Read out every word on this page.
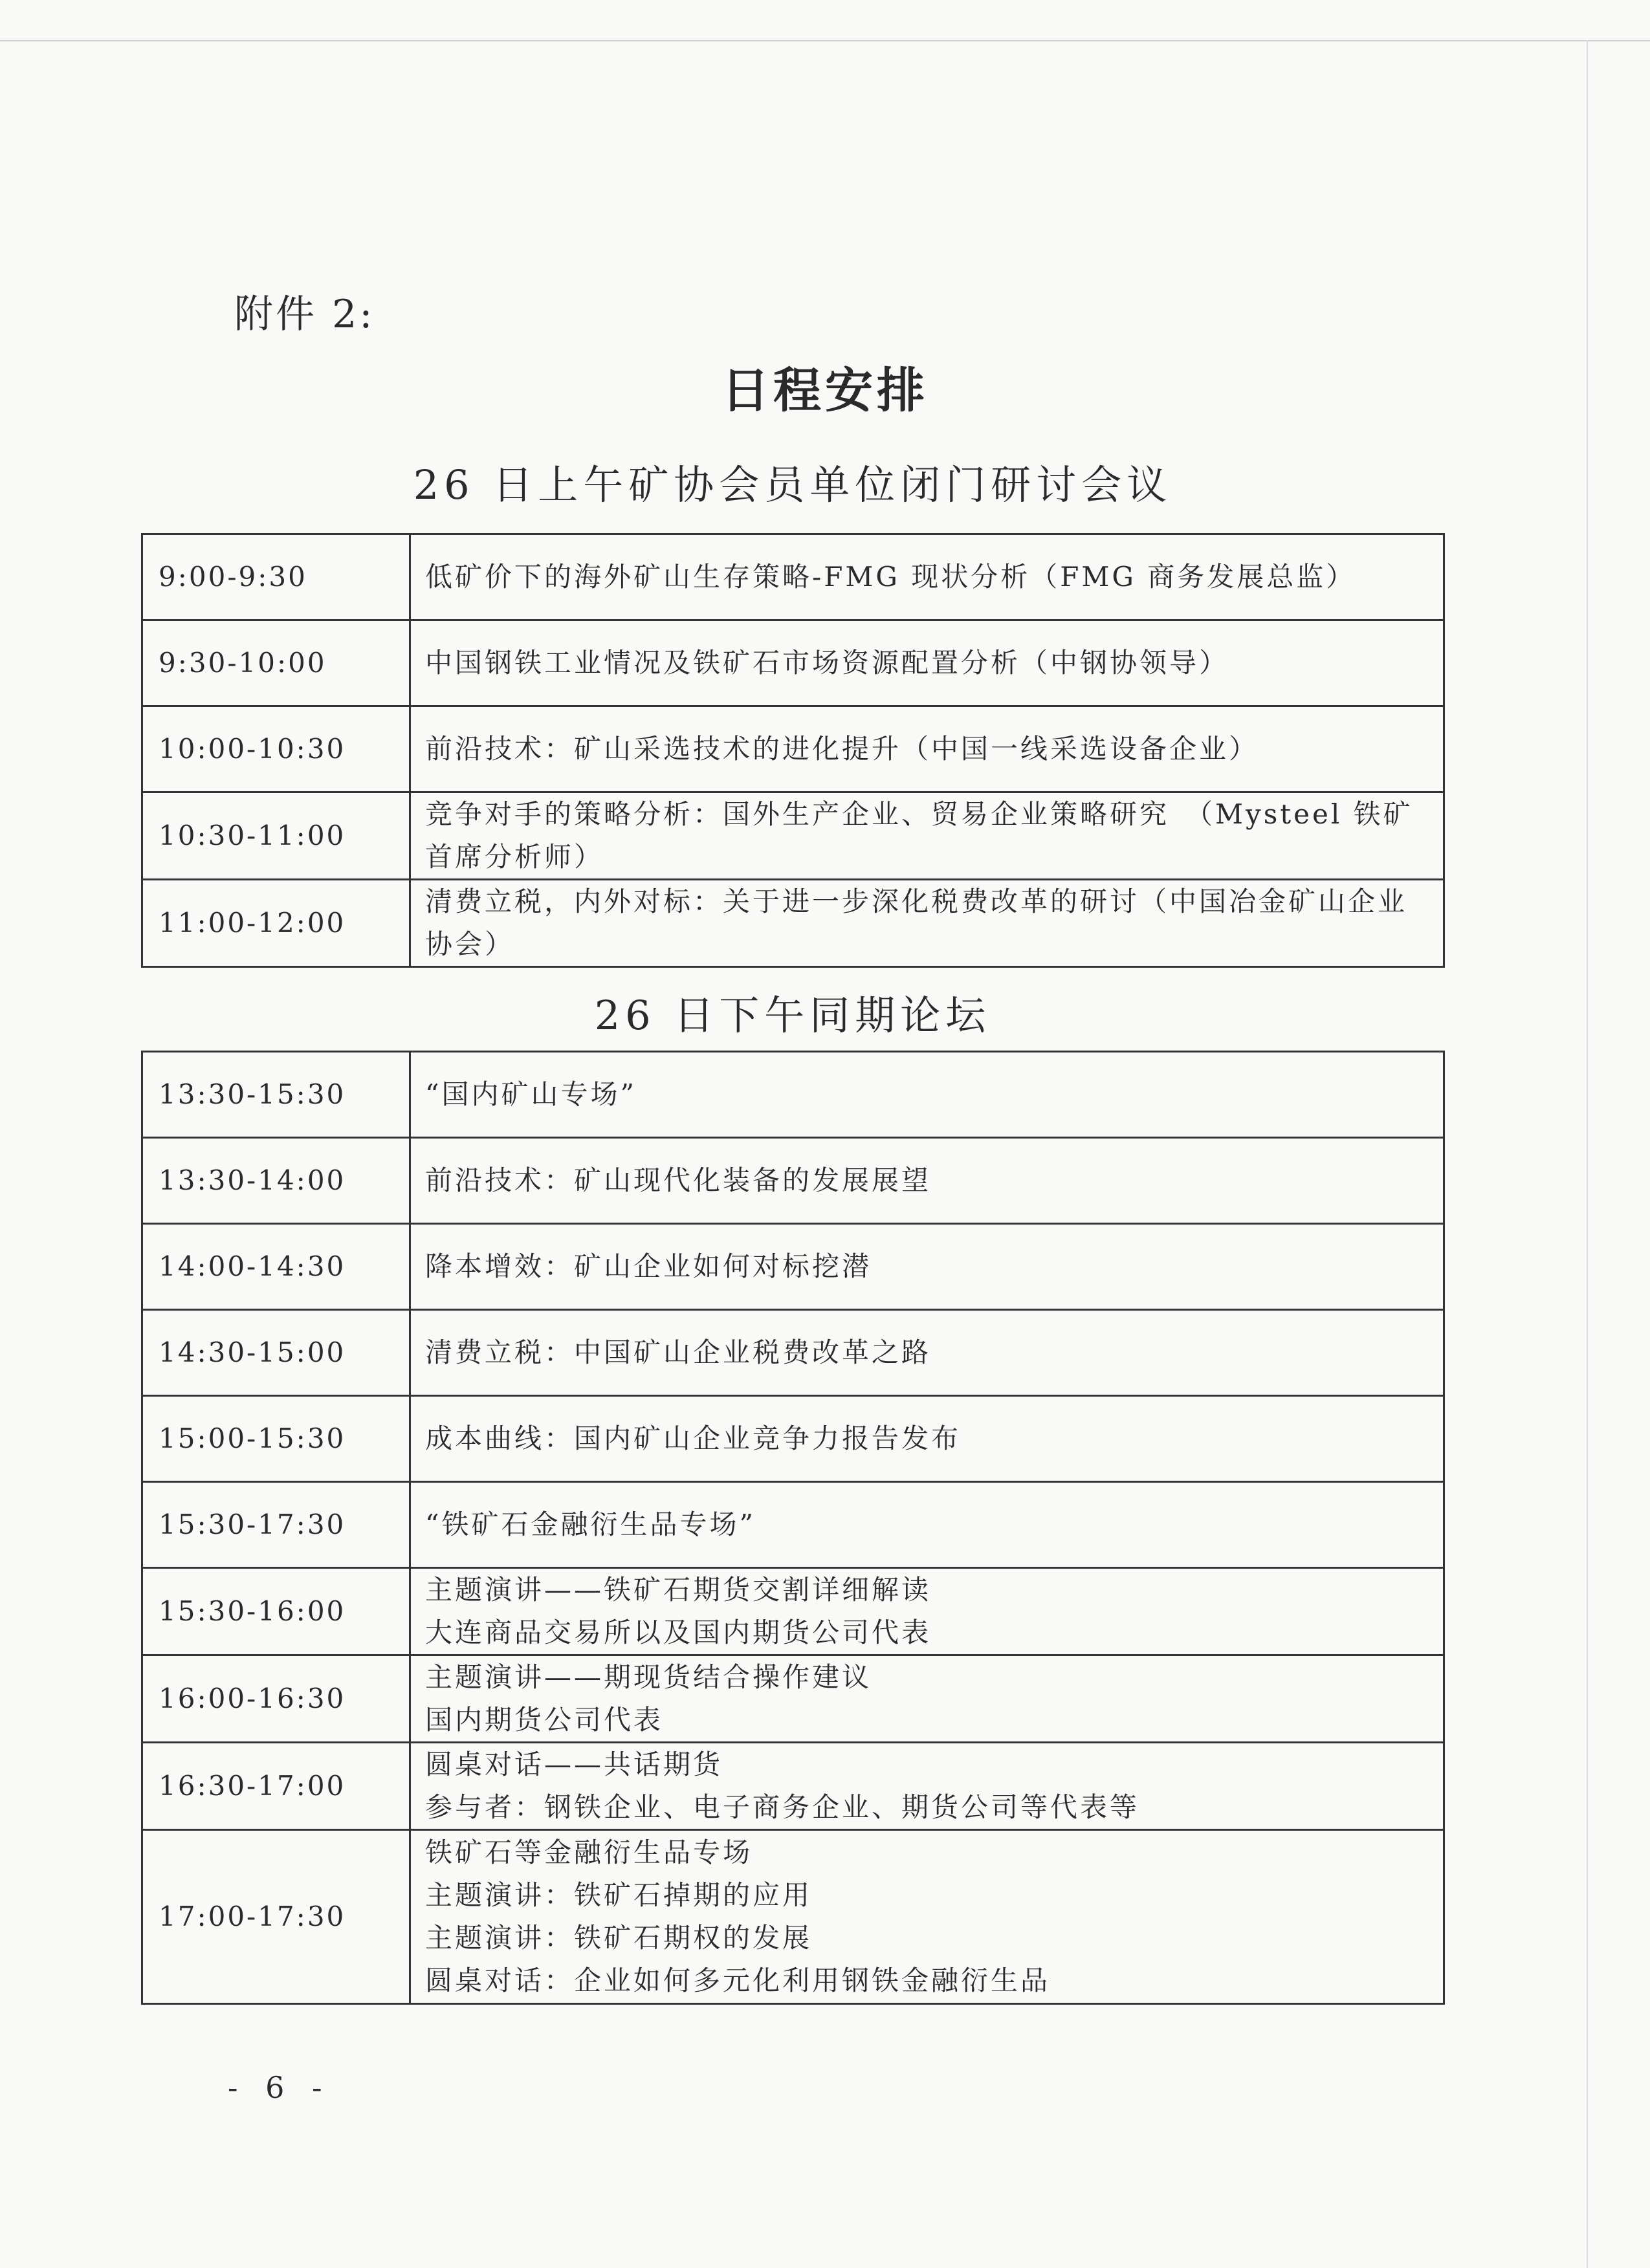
附件 2:
日程安排
26 日上午矿协会员单位闭门研讨会议
9:00-9:30	低矿价下的海外矿山生存策略-FMG 现状分析（FMG 商务发展总监）

9:30-10:00	中国钢铁工业情况及铁矿石市场资源配置分析（中钢协领导）

10:00-10:30	前沿技术：矿山采选技术的进化提升（中国一线采选设备企业）

10:30-11:00	竞争对手的策略分析：国外生产企业、贸易企业策略研究　（Mysteel 铁矿首席分析师）

11:00-12:00	清费立税，内外对标：关于进一步深化税费改革的研讨（中国冶金矿山企业协会）
26 日下午同期论坛
13:30-15:30	“国内矿山专场”

13:30-14:00	前沿技术：矿山现代化装备的发展展望

14:00-14:30	降本增效：矿山企业如何对标挖潜

14:30-15:00	清费立税：中国矿山企业税费改革之路

15:00-15:30	成本曲线：国内矿山企业竞争力报告发布

15:30-17:30	“铁矿石金融衍生品专场”

15:30-16:00	主题演讲——铁矿石期货交割详细解读
大连商品交易所以及国内期货公司代表

16:00-16:30	主题演讲——期现货结合操作建议
国内期货公司代表

16:30-17:00	圆桌对话——共话期货
参与者：钢铁企业、电子商务企业、期货公司等代表等

17:00-17:30	铁矿石等金融衍生品专场
主题演讲：铁矿石掉期的应用
主题演讲：铁矿石期权的发展
圆桌对话：企业如何多元化利用钢铁金融衍生品
- 6 -
